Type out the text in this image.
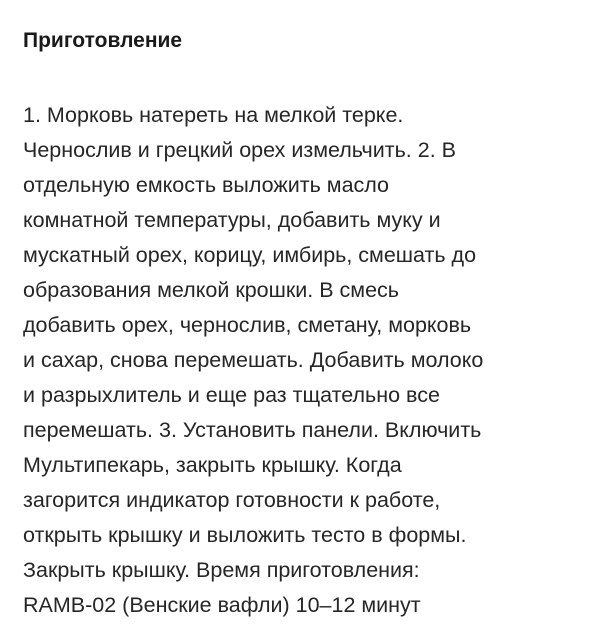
Приготовление
1. Морковь натереть на мелкой терке.
Чернослив и грецкий орех измельчить. 2. В
отдельную емкость выложить масло
комнатной температуры, добавить муку и
мускатный орех, корицу, имбирь, смешать до
образования мелкой крошки. В смесь
добавить орех, чернослив, сметану, морковь
и сахар, снова перемешать. Добавить молоко
и разрыхлитель и еще раз тщательно все
перемешать. 3. Установить панели. Включить
Мультипекарь, закрыть крышку. Когда
загорится индикатор готовности к работе,
открыть крышку и выложить тесто в формы.
Закрыть крышку. Время приготовления:
RAMB-02 (Венские вафли) 10–12 минут
